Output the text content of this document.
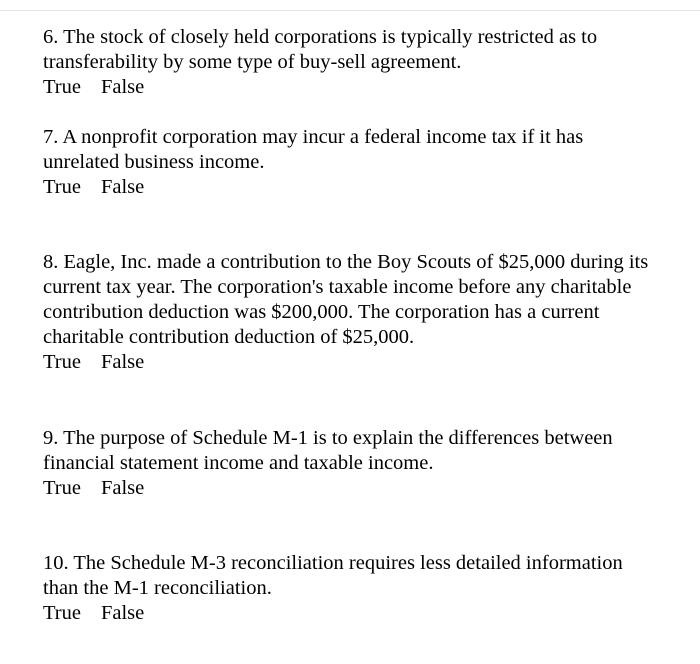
6. The stock of closely held corporations is typically restricted as to

transferability by some type of buy-sell agreement.

True False

7. A nonprofit corporation may incur a federal income tax if it has

unrelated business income.

True False

8. Eagle, Inc. made a contribution to the Boy Scouts of $25,000 during its

current tax year. The corporation's taxable income before any charitable

contribution deduction was $200,000. The corporation has a current

charitable contribution deduction of $25,000.

True False

9. The purpose of Schedule M-1 is to explain the differences between

financial statement income and taxable income.

True False

10. The Schedule M-3 reconciliation requires less detailed information

than the M-1 reconciliation.

True False
